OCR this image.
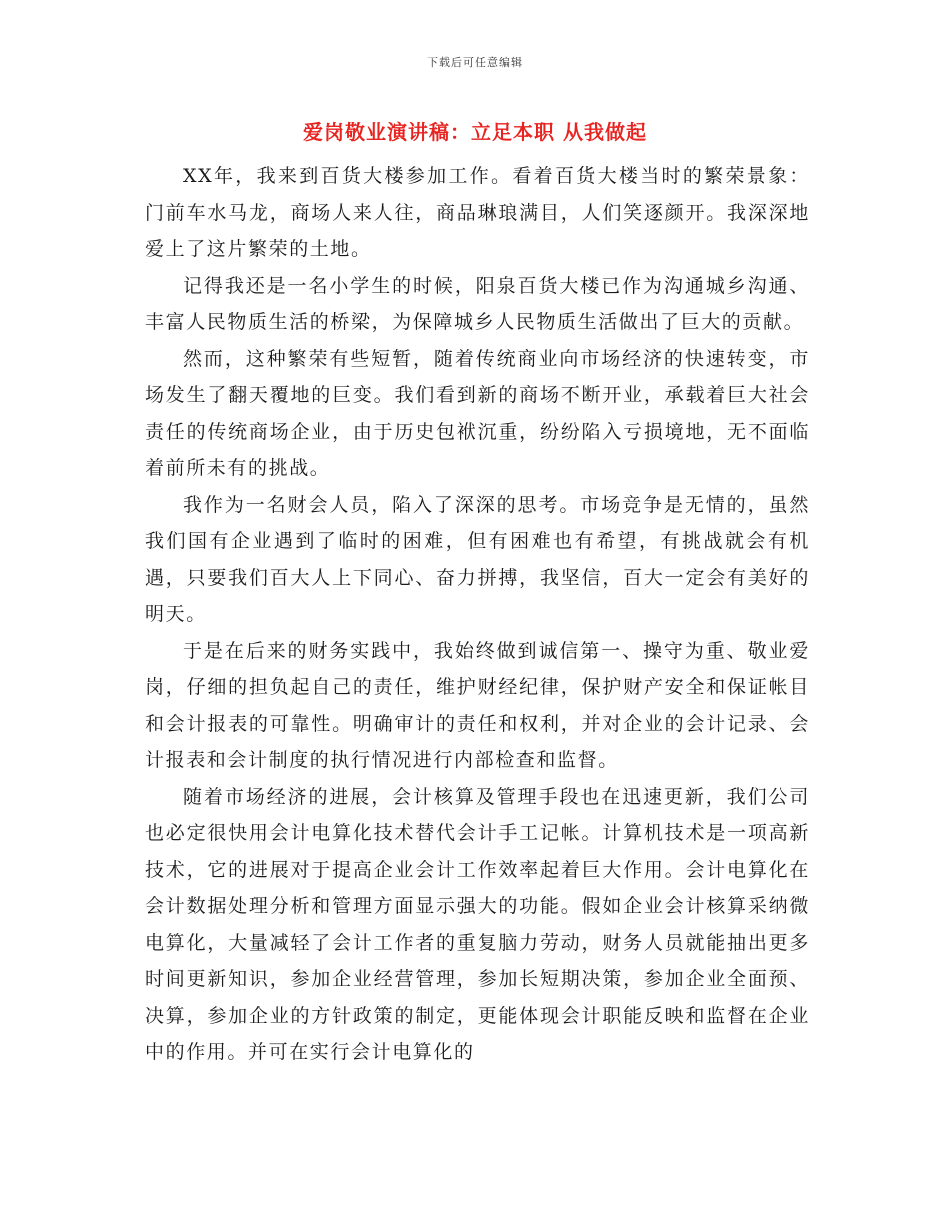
下载后可任意编辑
爱岗敬业演讲稿：立足本职 从我做起

XX年，我来到百货大楼参加工作。看着百货大楼当时的繁荣景象：门前车水马龙，商场人来人往，商品琳琅满目，人们笑逐颜开。我深深地爱上了这片繁荣的土地。

记得我还是一名小学生的时候，阳泉百货大楼已作为沟通城乡沟通、丰富人民物质生活的桥梁，为保障城乡人民物质生活做出了巨大的贡献。

然而，这种繁荣有些短暂，随着传统商业向市场经济的快速转变，市场发生了翻天覆地的巨变。我们看到新的商场不断开业，承载着巨大社会责任的传统商场企业，由于历史包袱沉重，纷纷陷入亏损境地，无不面临着前所未有的挑战。

我作为一名财会人员，陷入了深深的思考。市场竞争是无情的，虽然我们国有企业遇到了临时的困难，但有困难也有希望，有挑战就会有机遇，只要我们百大人上下同心、奋力拼搏，我坚信，百大一定会有美好的明天。

于是在后来的财务实践中，我始终做到诚信第一、操守为重、敬业爱岗，仔细的担负起自己的责任，维护财经纪律，保护财产安全和保证帐目和会计报表的可靠性。明确审计的责任和权利，并对企业的会计记录、会计报表和会计制度的执行情况进行内部检查和监督。

随着市场经济的进展，会计核算及管理手段也在迅速更新，我们公司也必定很快用会计电算化技术替代会计手工记帐。计算机技术是一项高新技术，它的进展对于提高企业会计工作效率起着巨大作用。会计电算化在会计数据处理分析和管理方面显示强大的功能。假如企业会计核算采纳微电算化，大量减轻了会计工作者的重复脑力劳动，财务人员就能抽出更多时间更新知识，参加企业经营管理，参加长短期决策，参加企业全面预、决算，参加企业的方针政策的制定，更能体现会计职能反映和监督在企业中的作用。并可在实行会计电算化的
